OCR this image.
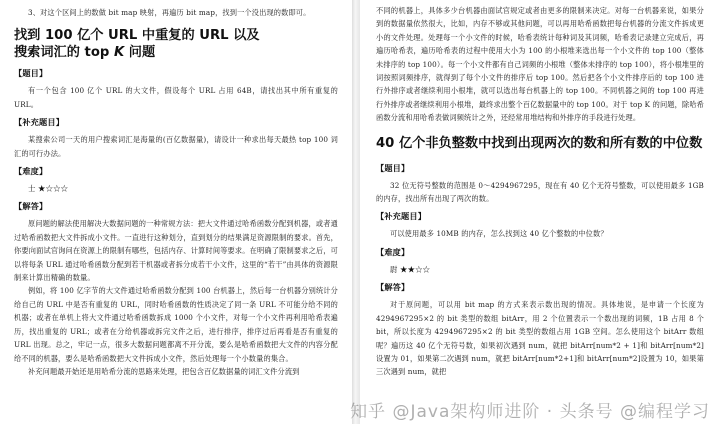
3、对这个区间上的数做 bit map 映射，再遍历 bit map，找到一个没出现的数即可。

找到 100 亿个 URL 中重复的 URL 以及
搜索词汇的 top K 问题
【题目】

有一个包含 100 亿个 URL 的大文件，假设每个 URL 占用 64B，请找出其中所有重复的 URL。

【补充题目】

某搜索公司一天的用户搜索词汇是海量的(百亿数据量)，请设计一种求出每天最热 top 100 词汇的可行办法。

【难度】

士 ★☆☆☆

【解答】

原问题的解法使用解决大数据问题的一种常规方法：把大文件通过哈希函数分配到机器，或者通过哈希函数把大文件拆成小文件。一直进行这种划分，直到划分的结果满足资源限制的要求。首先，你要向面试官询问在资源上的限制有哪些，包括内存、计算时间等要求。在明确了限制要求之后，可以将每条 URL 通过哈希函数分配到若干机器或者拆分成若干小文件，这里的“若干”由具体的资源限制来计算出精确的数量。

例如，将 100 亿字节的大文件通过哈希函数分配到 100 台机器上，然后每一台机器分别统计分给自己的 URL 中是否有重复的 URL，同时哈希函数的性质决定了同一条 URL 不可能分给不同的机器；或者在单机上将大文件通过哈希函数拆成 1000 个小文件，对每一个小文件再利用哈希表遍历，找出重复的 URL；或者在分给机器或拆完文件之后，进行排序，排序过后再看是否有重复的 URL 出现。总之，牢记一点，很多大数据问题都离不开分流，要么是哈希函数把大文件的内容分配给不同的机器，要么是哈希函数把大文件拆成小文件，然后处理每一个小数量的集合。

补充问题最开始还是用哈希分流的思路来处理，把包含百亿数据量的词汇文件分流到

不同的机器上，具体多少台机器由面试官规定或者由更多的限制来决定。对每一台机器来说，如果分到的数据量依然很大，比如，内存不够或其他问题，可以再用哈希函数把每台机器的分流文件拆成更小的文件处理。处理每一个小文件的时候，哈希表统计每种词及其词频，哈希表记录建立完成后，再遍历哈希表，遍历哈希表的过程中使用大小为 100 的小根堆来选出每一个小文件的 top 100（整体未排序的 top 100）。每一个小文件都有自己词频的小根堆（整体未排序的 top 100），将小根堆里的词按照词频排序，就得到了每个小文件的排序后 top 100。然后把各个小文件排序后的 top 100 进行外排序或者继续利用小根堆，就可以选出每台机器上的 top 100。不同机器之间的 top 100 再进行外排序或者继续利用小根堆，最终求出整个百亿数据量中的 top 100。对于 top K 的问题，除哈希函数分流和用哈希表做词频统计之外，还经常用堆结构和外排序的手段进行处理。

40 亿个非负整数中找到出现两次的数和所有数的中位数
【题目】

32 位无符号整数的范围是 0～4294967295，现在有 40 亿个无符号整数，可以使用最多 1GB 的内存，找出所有出现了两次的数。

【补充题目】

可以使用最多 10MB 的内存，怎么找到这 40 亿个整数的中位数？

【难度】

尉 ★★☆☆

【解答】

对于原问题，可以用 bit map 的方式来表示数出现的情况。具体地说，是申请一个长度为 4294967295×2 的 bit 类型的数组 bitArr，用 2 个位置表示一个数出现的词频，1B 占用 8 个 bit，所以长度为 4294967295×2 的 bit 类型的数组占用 1GB 空间。怎么使用这个 bitArr 数组呢？遍历这 40 亿个无符号数，如果初次遇到 num，就把 bitArr[num*2 + 1]和 bitArr[num*2]设置为 01，如果第二次遇到 num，就把 bitArr[num*2+1]和 bitArr[num*2]设置为 10，如果第三次遇到 num，就把

知乎 @Java架构师进阶 · 头条号 @编程学习
